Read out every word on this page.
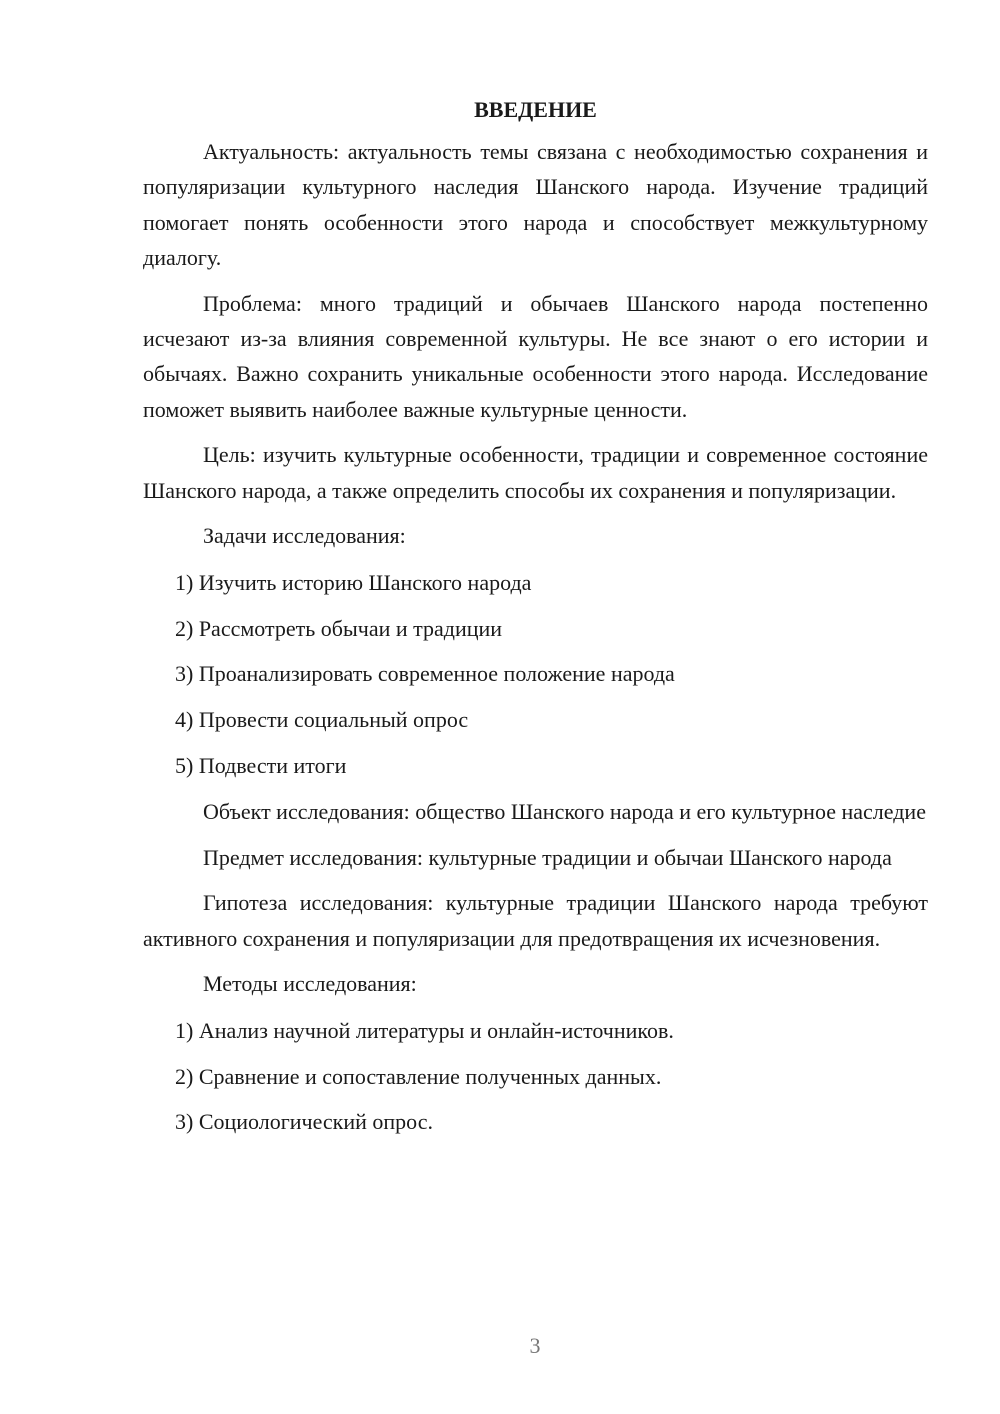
ВВЕДЕНИЕ

Актуальность: актуальность темы связана с необходимостью сохранения и популяризации культурного наследия Шанского народа. Изучение традиций помогает понять особенности этого народа и способствует межкультурному диалогу.

Проблема: много традиций и обычаев Шанского народа постепенно исчезают из-за влияния современной культуры. Не все знают о его истории и обычаях. Важно сохранить уникальные особенности этого народа. Исследование поможет выявить наиболее важные культурные ценности.

Цель: изучить культурные особенности, традиции и современное состояние Шанского народа, а также определить способы их сохранения и популяризации.

Задачи исследования:

1) Изучить историю Шанского народа

2) Рассмотреть обычаи и традиции

3) Проанализировать современное положение народа

4) Провести социальный опрос

5) Подвести итоги

Объект исследования: общество Шанского народа и его культурное наследие

Предмет исследования: культурные традиции и обычаи Шанского народа

Гипотеза исследования: культурные традиции Шанского народа требуют активного сохранения и популяризации для предотвращения их исчезновения.

Методы исследования:

1) Анализ научной литературы и онлайн-источников.

2) Сравнение и сопоставление полученных данных.

3) Социологический опрос.

3
